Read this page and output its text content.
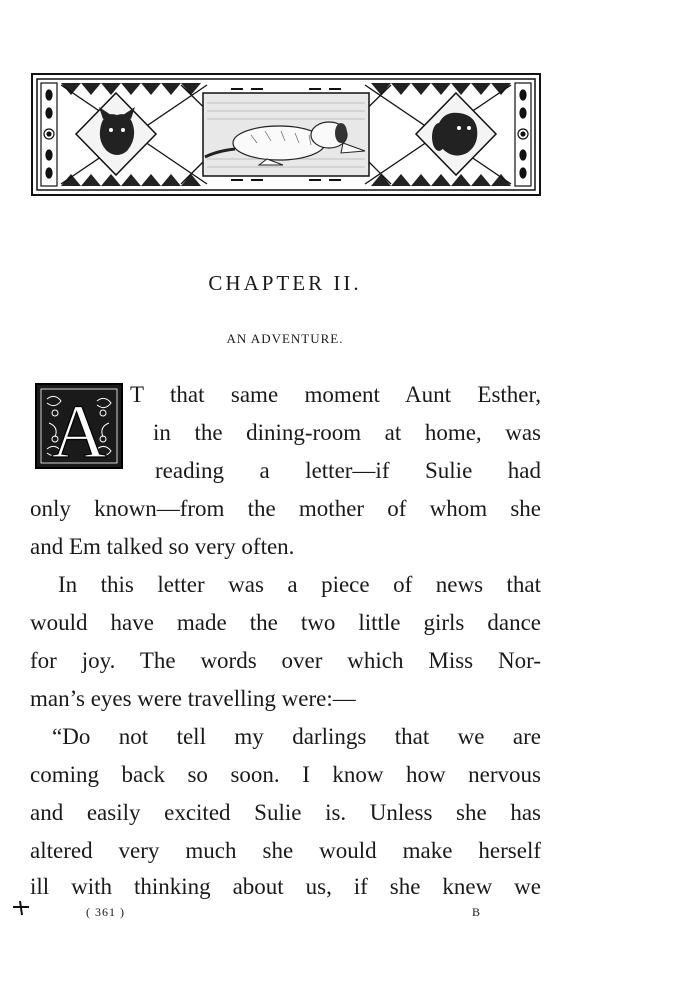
CHAPTER II.
AN ADVENTURE.
A T that same moment Aunt Esther,

in the dining-room at home, was

reading a letter—if Sulie had

only known—from the mother of whom she

and Em talked so very often.

In this letter was a piece of news that

would have made the two little girls dance

for joy. The words over which Miss Nor-

man’s eyes were travelling were:—

“Do not tell my darlings that we are

coming back so soon. I know how nervous

and easily excited Sulie is. Unless she has

altered very much she would make herself

ill with thinking about us, if she knew we

( 361 )	B
